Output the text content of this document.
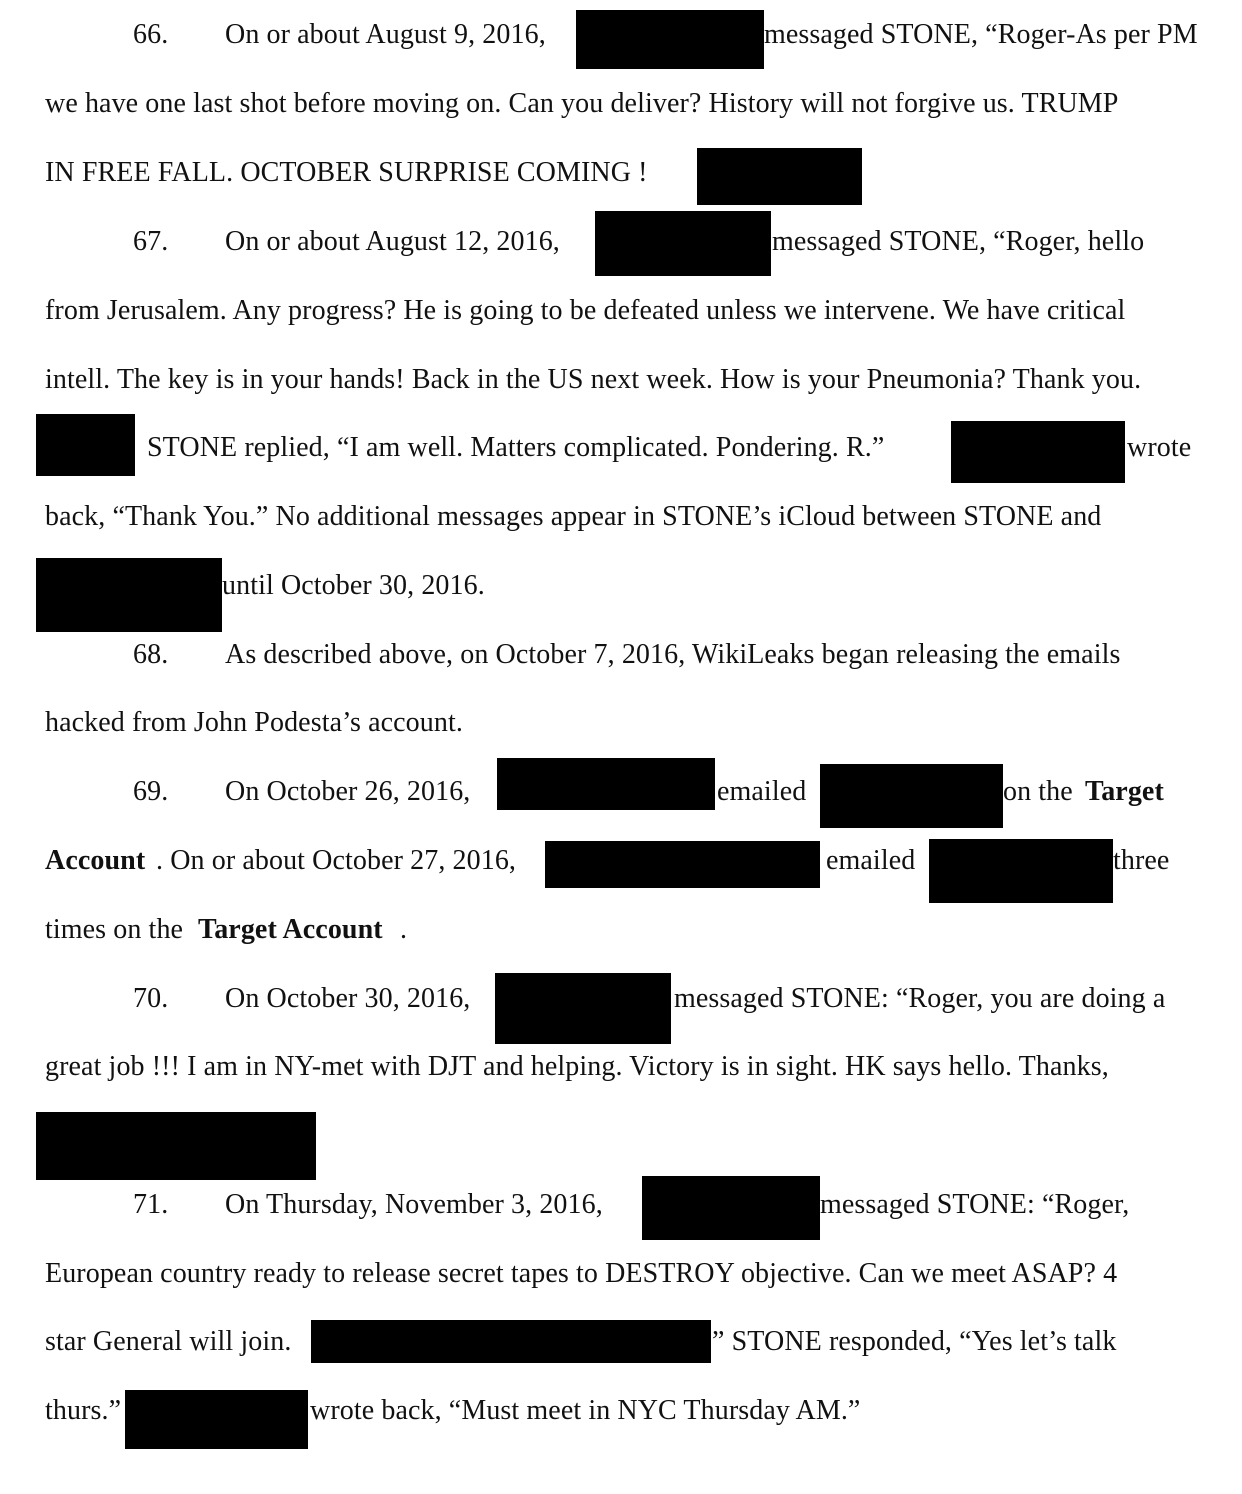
66. On or about August 9, 2016,	messaged STONE, “Roger-As per PM
we have one last shot before moving on. Can you deliver? History will not forgive us. TRUMP
IN FREE FALL. OCTOBER SURPRISE COMING !
67. On or about August 12, 2016,	messaged STONE, “Roger, hello
from Jerusalem. Any progress? He is going to be defeated unless we intervene. We have critical
intell. The key is in your hands! Back in the US next week. How is your Pneumonia? Thank you.
STONE replied, “I am well. Matters complicated. Pondering. R.”	wrote
back, “Thank You.” No additional messages appear in STONE’s iCloud between STONE and
until October 30, 2016.
68. As described above, on October 7, 2016, WikiLeaks began releasing the emails
hacked from John Podesta’s account.
69. On October 26, 2016,	emailed	on the Target
Account . On or about October 27, 2016,	emailed	three
times on the Target Account .
70. On October 30, 2016,	messaged STONE: “Roger, you are doing a
great job !!! I am in NY-met with DJT and helping. Victory is in sight. HK says hello. Thanks,
71. On Thursday, November 3, 2016,	messaged STONE: “Roger,
European country ready to release secret tapes to DESTROY objective. Can we meet ASAP? 4
star General will join.	” STONE responded, “Yes let’s talk
thurs.”	wrote back, “Must meet in NYC Thursday AM.”
